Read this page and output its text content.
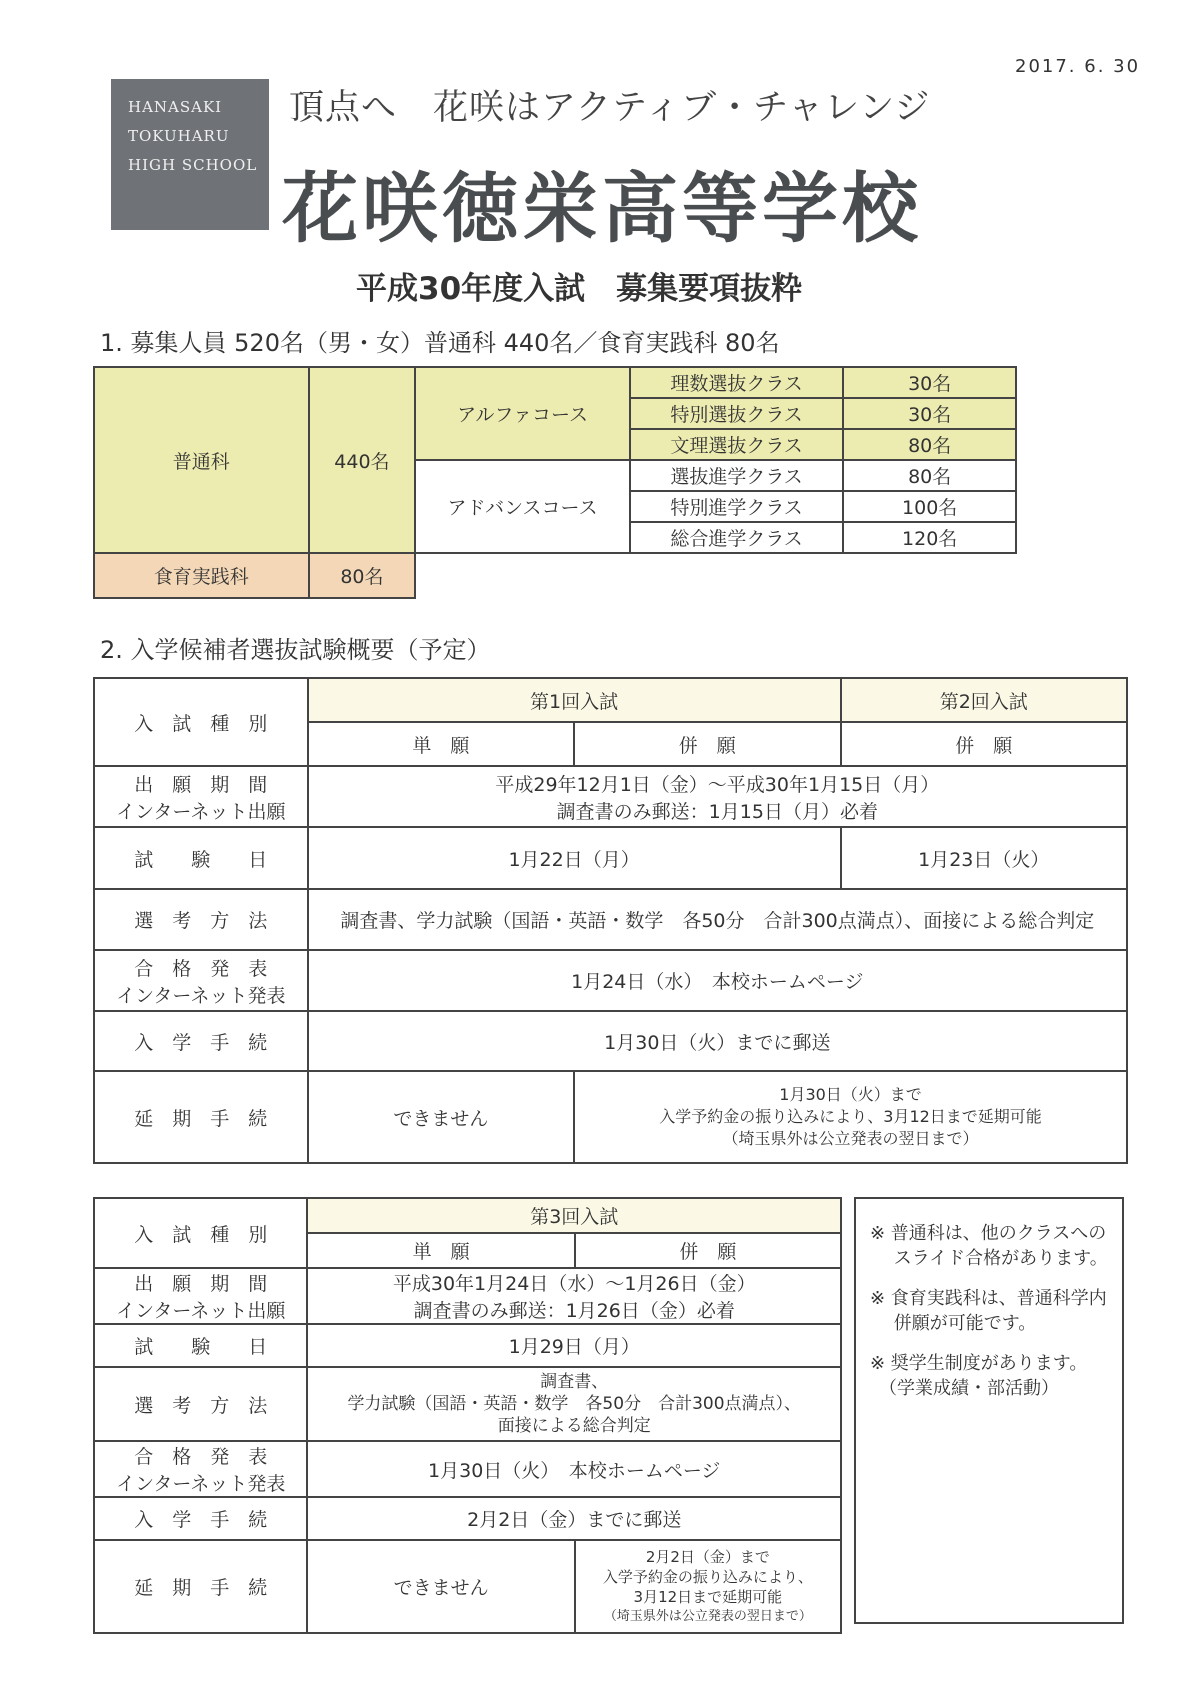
2017. 6. 30
HANASAKI
TOKUHARU
HIGH SCHOOL
頂点へ　花咲はアクティブ・チャレンジ
花咲徳栄高等学校
平成30年度入試　募集要項抜粋
1. 募集人員 520名（男・女）普通科 440名／食育実践科 80名
普通科	440名	アルファコース	理数選抜クラス	30名
			特別選抜クラス	30名
			文理選抜クラス	80名
		アドバンスコース	選抜進学クラス	80名
			特別進学クラス	100名
			総合進学クラス	120名
食育実践科	80名			
2. 入学候補者選抜試験概要（予定）
入　試　種　別	第1回入試		第2回入試
	単　願	併　願	併　願

出　願　期　間
インターネット出願	平成29年12月1日（金）～平成30年1月15日（月）
調査書のみ郵送：1月15日（月）必着		

試　　験　　日	1月22日（月）		1月23日（火）
選　考　方　法	調査書、学力試験（国語・英語・数学　各50分　合計300点満点）、面接による総合判定		

合　格　発　表
インターネット発表	1月24日（水）　本校ホームページ		
入　学　手　続	1月30日（火）までに郵送		
延　期　手　続	できません	1月30日（火）まで
入学予約金の振り込みにより、3月12日まで延期可能
（埼玉県外は公立発表の翌日まで）	
入　試　種　別	第3回入試	
	単　願	併　願

出　願　期　間
インターネット出願	平成30年1月24日（水）～1月26日（金）
調査書のみ郵送：1月26日（金）必着	

試　　験　　日	1月29日（月）	
選　考　方　法	調査書、
学力試験（国語・英語・数学　各50分　合計300点満点）、
面接による総合判定	

合　格　発　表
インターネット発表	1月30日（火）　本校ホームページ	
入　学　手　続	2月2日（金）までに郵送	
延　期　手　続	できません	2月2日（金）まで
入学予約金の振り込みにより、
3月12日まで延期可能
（埼玉県外は公立発表の翌日まで）

※ 普通科は、他のクラスへの
　 スライド合格があります。

※ 食育実践科は、普通科学内
　 併願が可能です。

※ 奨学生制度があります。
　（学業成績・部活動）
